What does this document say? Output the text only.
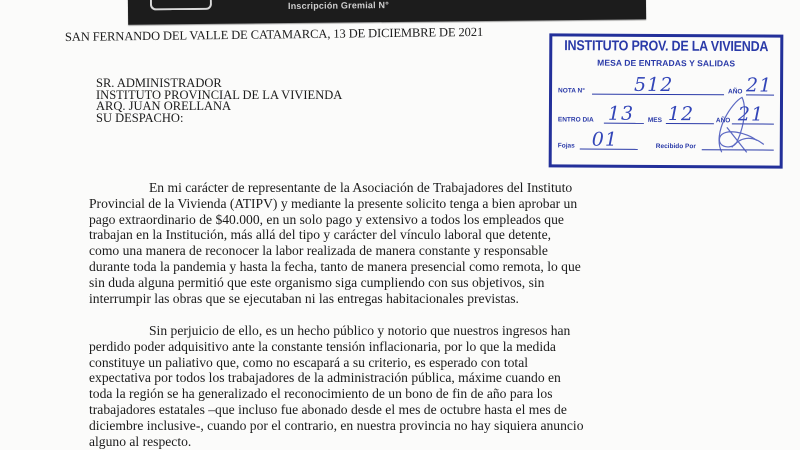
Inscripción Gremial N°
SAN FERNANDO DEL VALLE DE CATAMARCA, 13 DE DICIEMBRE DE 2021
SR. ADMINISTRADOR
INSTITUTO PROVINCIAL DE LA VIVIENDA
ARQ. JUAN ORELLANA
SU DESPACHO:
En mi carácter de representante de la Asociación de Trabajadores del Instituto
Provincial de la Vivienda (ATIPV) y mediante la presente solicito tenga a bien aprobar un
pago extraordinario de $40.000, en un solo pago y extensivo a todos los empleados que
trabajan en la Institución, más allá del tipo y carácter del vínculo laboral que detente,
como una manera de reconocer la labor realizada de manera constante y responsable
durante toda la pandemia y hasta la fecha, tanto de manera presencial como remota, lo que
sin duda alguna permitió que este organismo siga cumpliendo con sus objetivos, sin
interrumpir las obras que se ejecutaban ni las entregas habitacionales previstas.
Sin perjuicio de ello, es un hecho público y notorio que nuestros ingresos han
perdido poder adquisitivo ante la constante tensión inflacionaria, por lo que la medida
constituye un paliativo que, como no escapará a su criterio, es esperado con total
expectativa por todos los trabajadores de la administración pública, máxime cuando en
toda la región se ha generalizado el reconocimiento de un bono de fin de año para los
trabajadores estatales –que incluso fue abonado desde el mes de octubre hasta el mes de
diciembre inclusive-, cuando por el contrario, en nuestra provincia no hay siquiera anuncio
alguno al respecto.
INSTITUTO PROV. DE LA VIVIENDA
MESA DE ENTRADAS Y SALIDAS
NOTA N°	512	AÑO 21
ENTRO DIA 13 MES 12	AÑO 21
Fojas 01	Recibido Por
